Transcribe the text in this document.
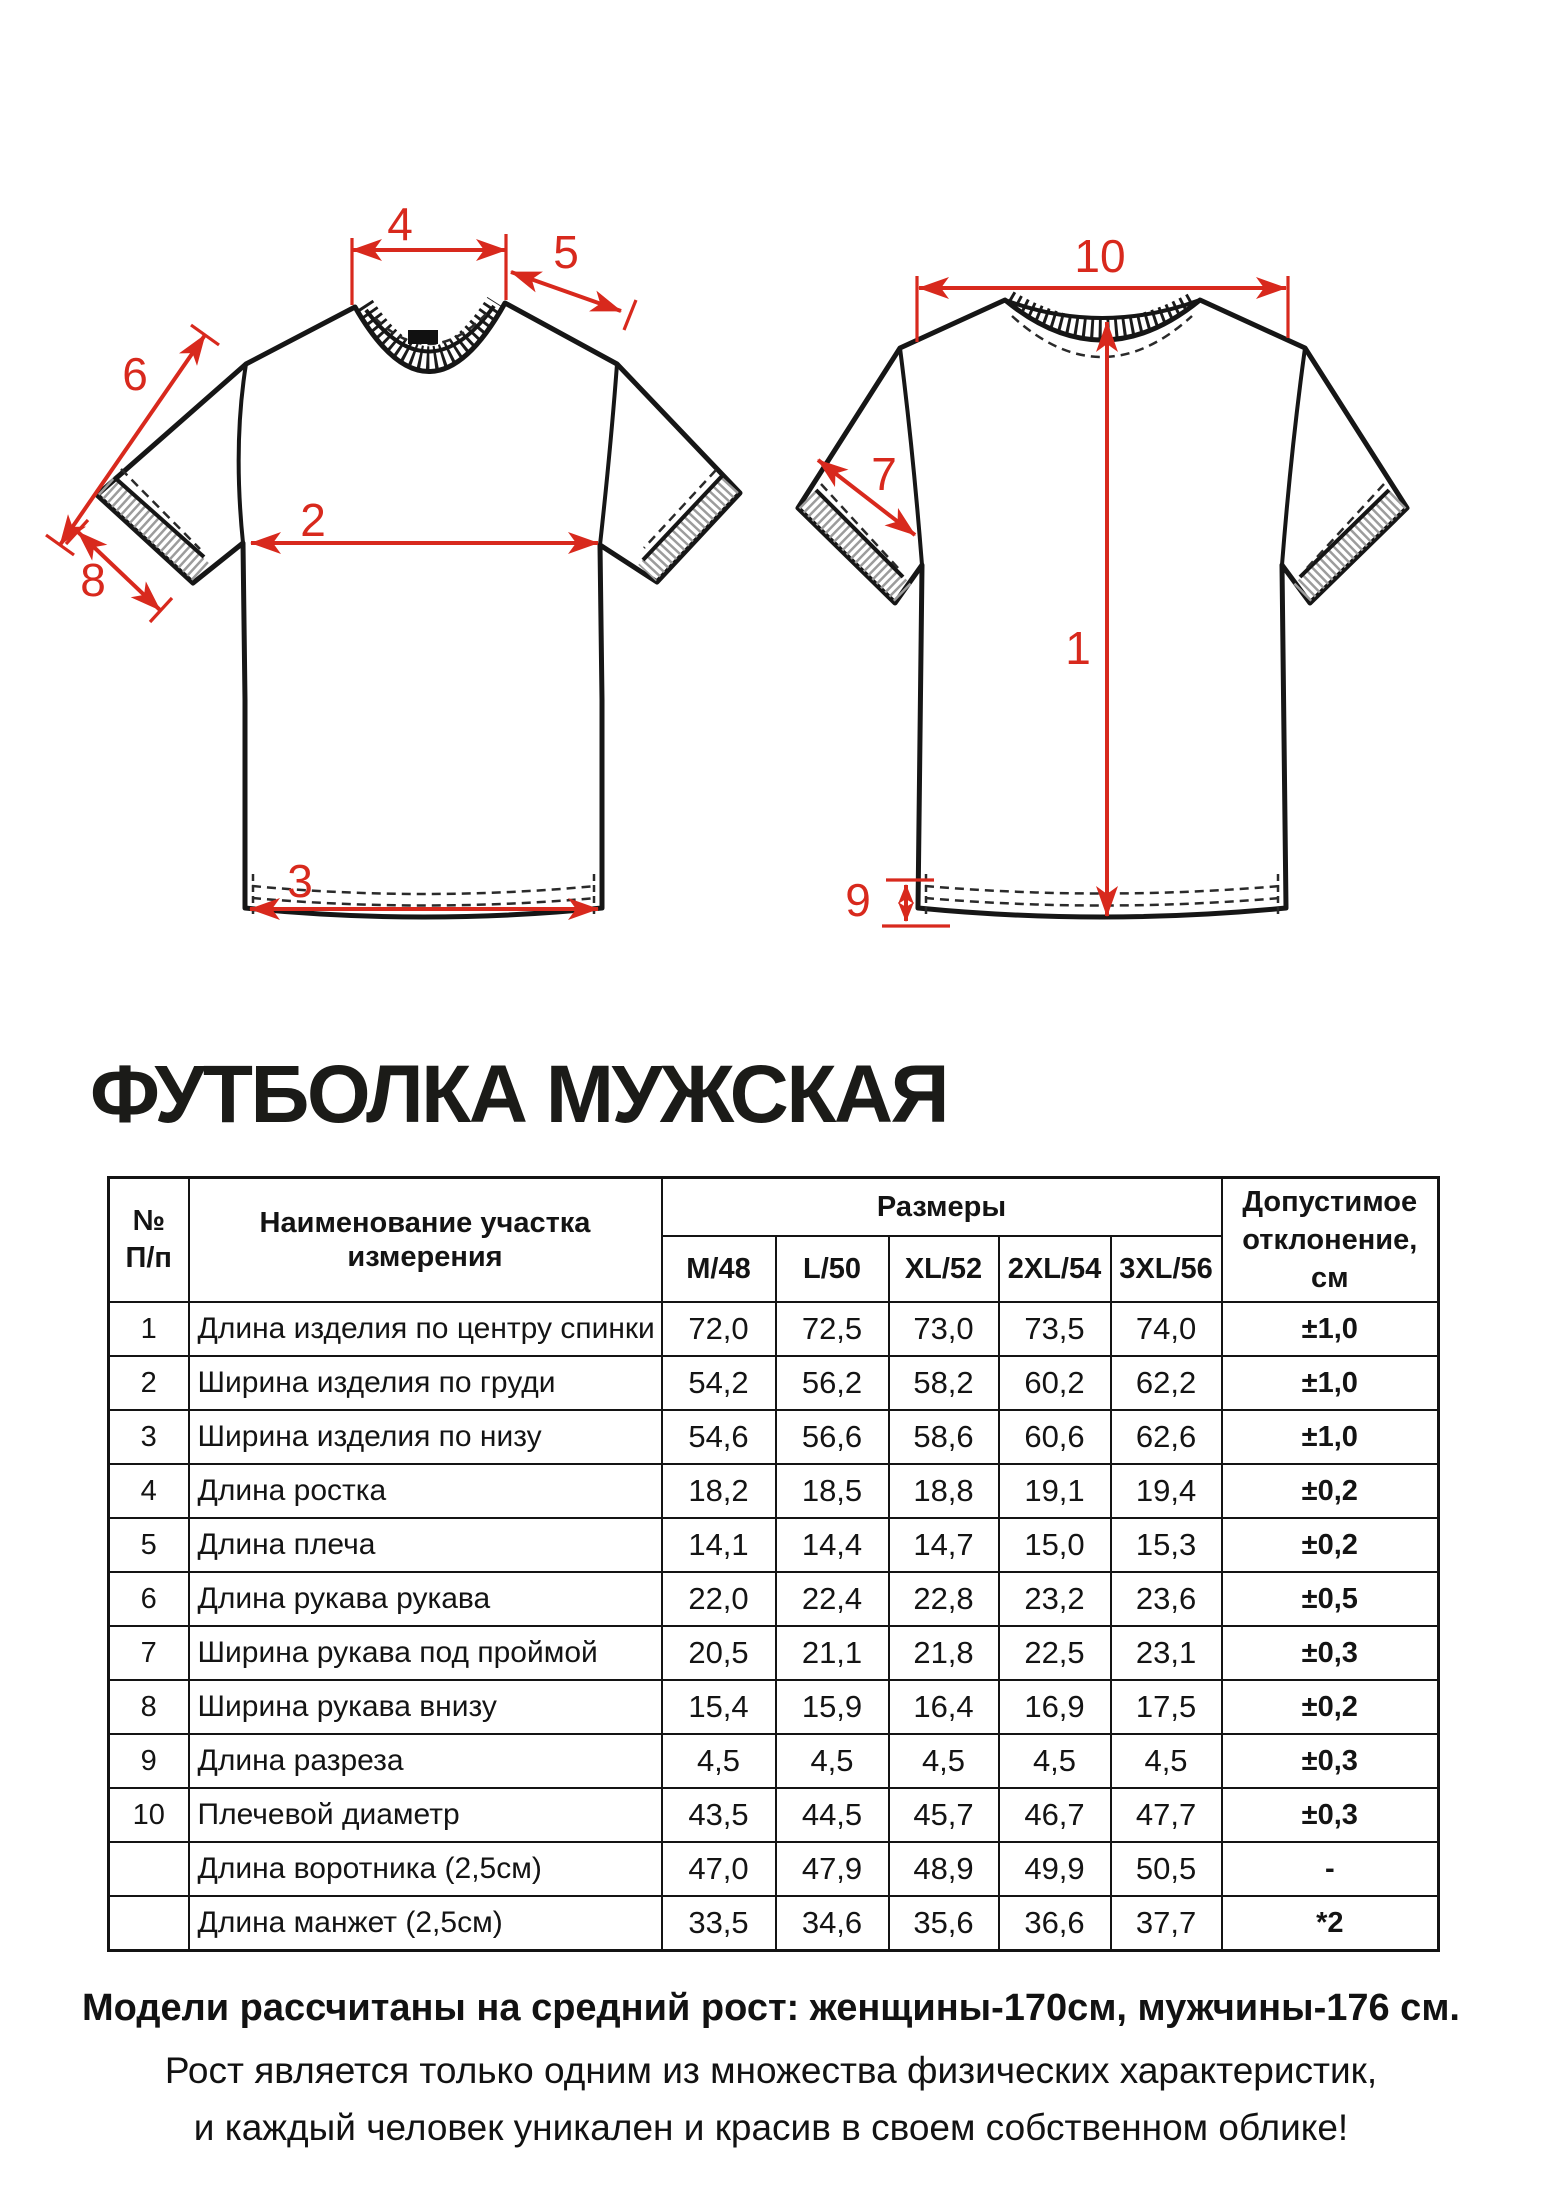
4
5
6
8
2
3
10
7
1
9
ФУТБОЛКА МУЖСКАЯ
№
П/п
	Наименование участка измерения	Размеры	Допустимое
отклонение,
см

		М/48	L/50	XL/52	2XL/54	3XL/56	
1	Длина изделия по центру спинки	72,0	72,5	73,0	73,5	74,0	±1,0
2	Ширина изделия по груди	54,2	56,2	58,2	60,2	62,2	±1,0
3	Ширина изделия по низу	54,6	56,6	58,6	60,6	62,6	±1,0
4	Длина ростка	18,2	18,5	18,8	19,1	19,4	±0,2
5	Длина плеча	14,1	14,4	14,7	15,0	15,3	±0,2
6	Длина рукава рукава	22,0	22,4	22,8	23,2	23,6	±0,5
7	Ширина рукава под проймой	20,5	21,1	21,8	22,5	23,1	±0,3
8	Ширина рукава внизу	15,4	15,9	16,4	16,9	17,5	±0,2
9	Длина разреза	4,5	4,5	4,5	4,5	4,5	±0,3
10	Плечевой диаметр	43,5	44,5	45,7	46,7	47,7	±0,3
	Длина воротника (2,5см)	47,0	47,9	48,9	49,9	50,5	-
	Длина манжет (2,5см)	33,5	34,6	35,6	36,6	37,7	*2

Модели рассчитаны на средний рост: женщины-170см, мужчины-176 см.

Рост является только одним из множества физических характеристик,

и каждый человек уникален и красив в своем собственном облике!
